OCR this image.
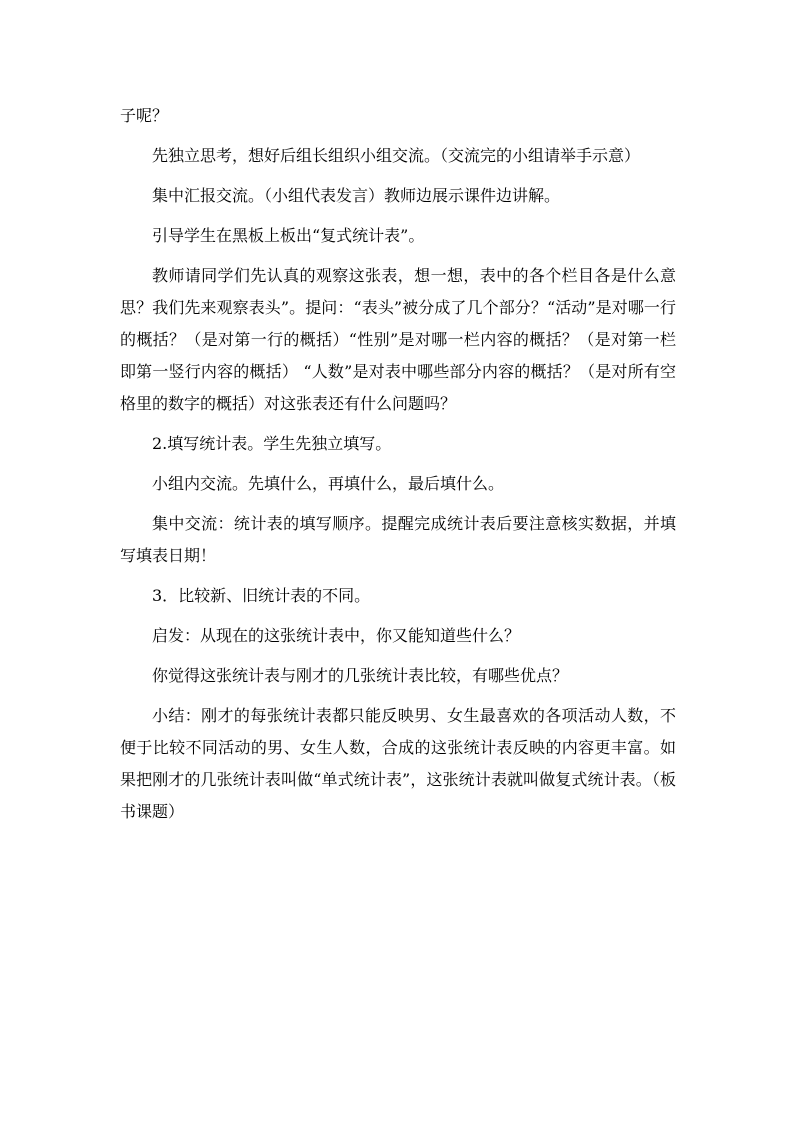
子呢？

先独立思考，想好后组长组织小组交流。（交流完的小组请举手示意）

集中汇报交流。（小组代表发言）教师边展示课件边讲解。

引导学生在黑板上板出“复式统计表”。

教师请同学们先认真的观察这张表，想一想，表中的各个栏目各是什么意思？我们先来观察表头”。提问：“表头”被分成了几个部分？“活动”是对哪一行的概括？（是对第一行的概括）“性别”是对哪一栏内容的概括？（是对第一栏即第一竖行内容的概括） “人数”是对表中哪些部分内容的概括？（是对所有空格里的数字的概括）对这张表还有什么问题吗？

2.填写统计表。学生先独立填写。

小组内交流。先填什么，再填什么，最后填什么。

集中交流：统计表的填写顺序。提醒完成统计表后要注意核实数据，并填写填表日期！

3．比较新、旧统计表的不同。

启发：从现在的这张统计表中，你又能知道些什么？

你觉得这张统计表与刚才的几张统计表比较，有哪些优点？

小结：刚才的每张统计表都只能反映男、女生最喜欢的各项活动人数，不便于比较不同活动的男、女生人数，合成的这张统计表反映的内容更丰富。如果把刚才的几张统计表叫做“单式统计表”，这张统计表就叫做复式统计表。（板书课题）
